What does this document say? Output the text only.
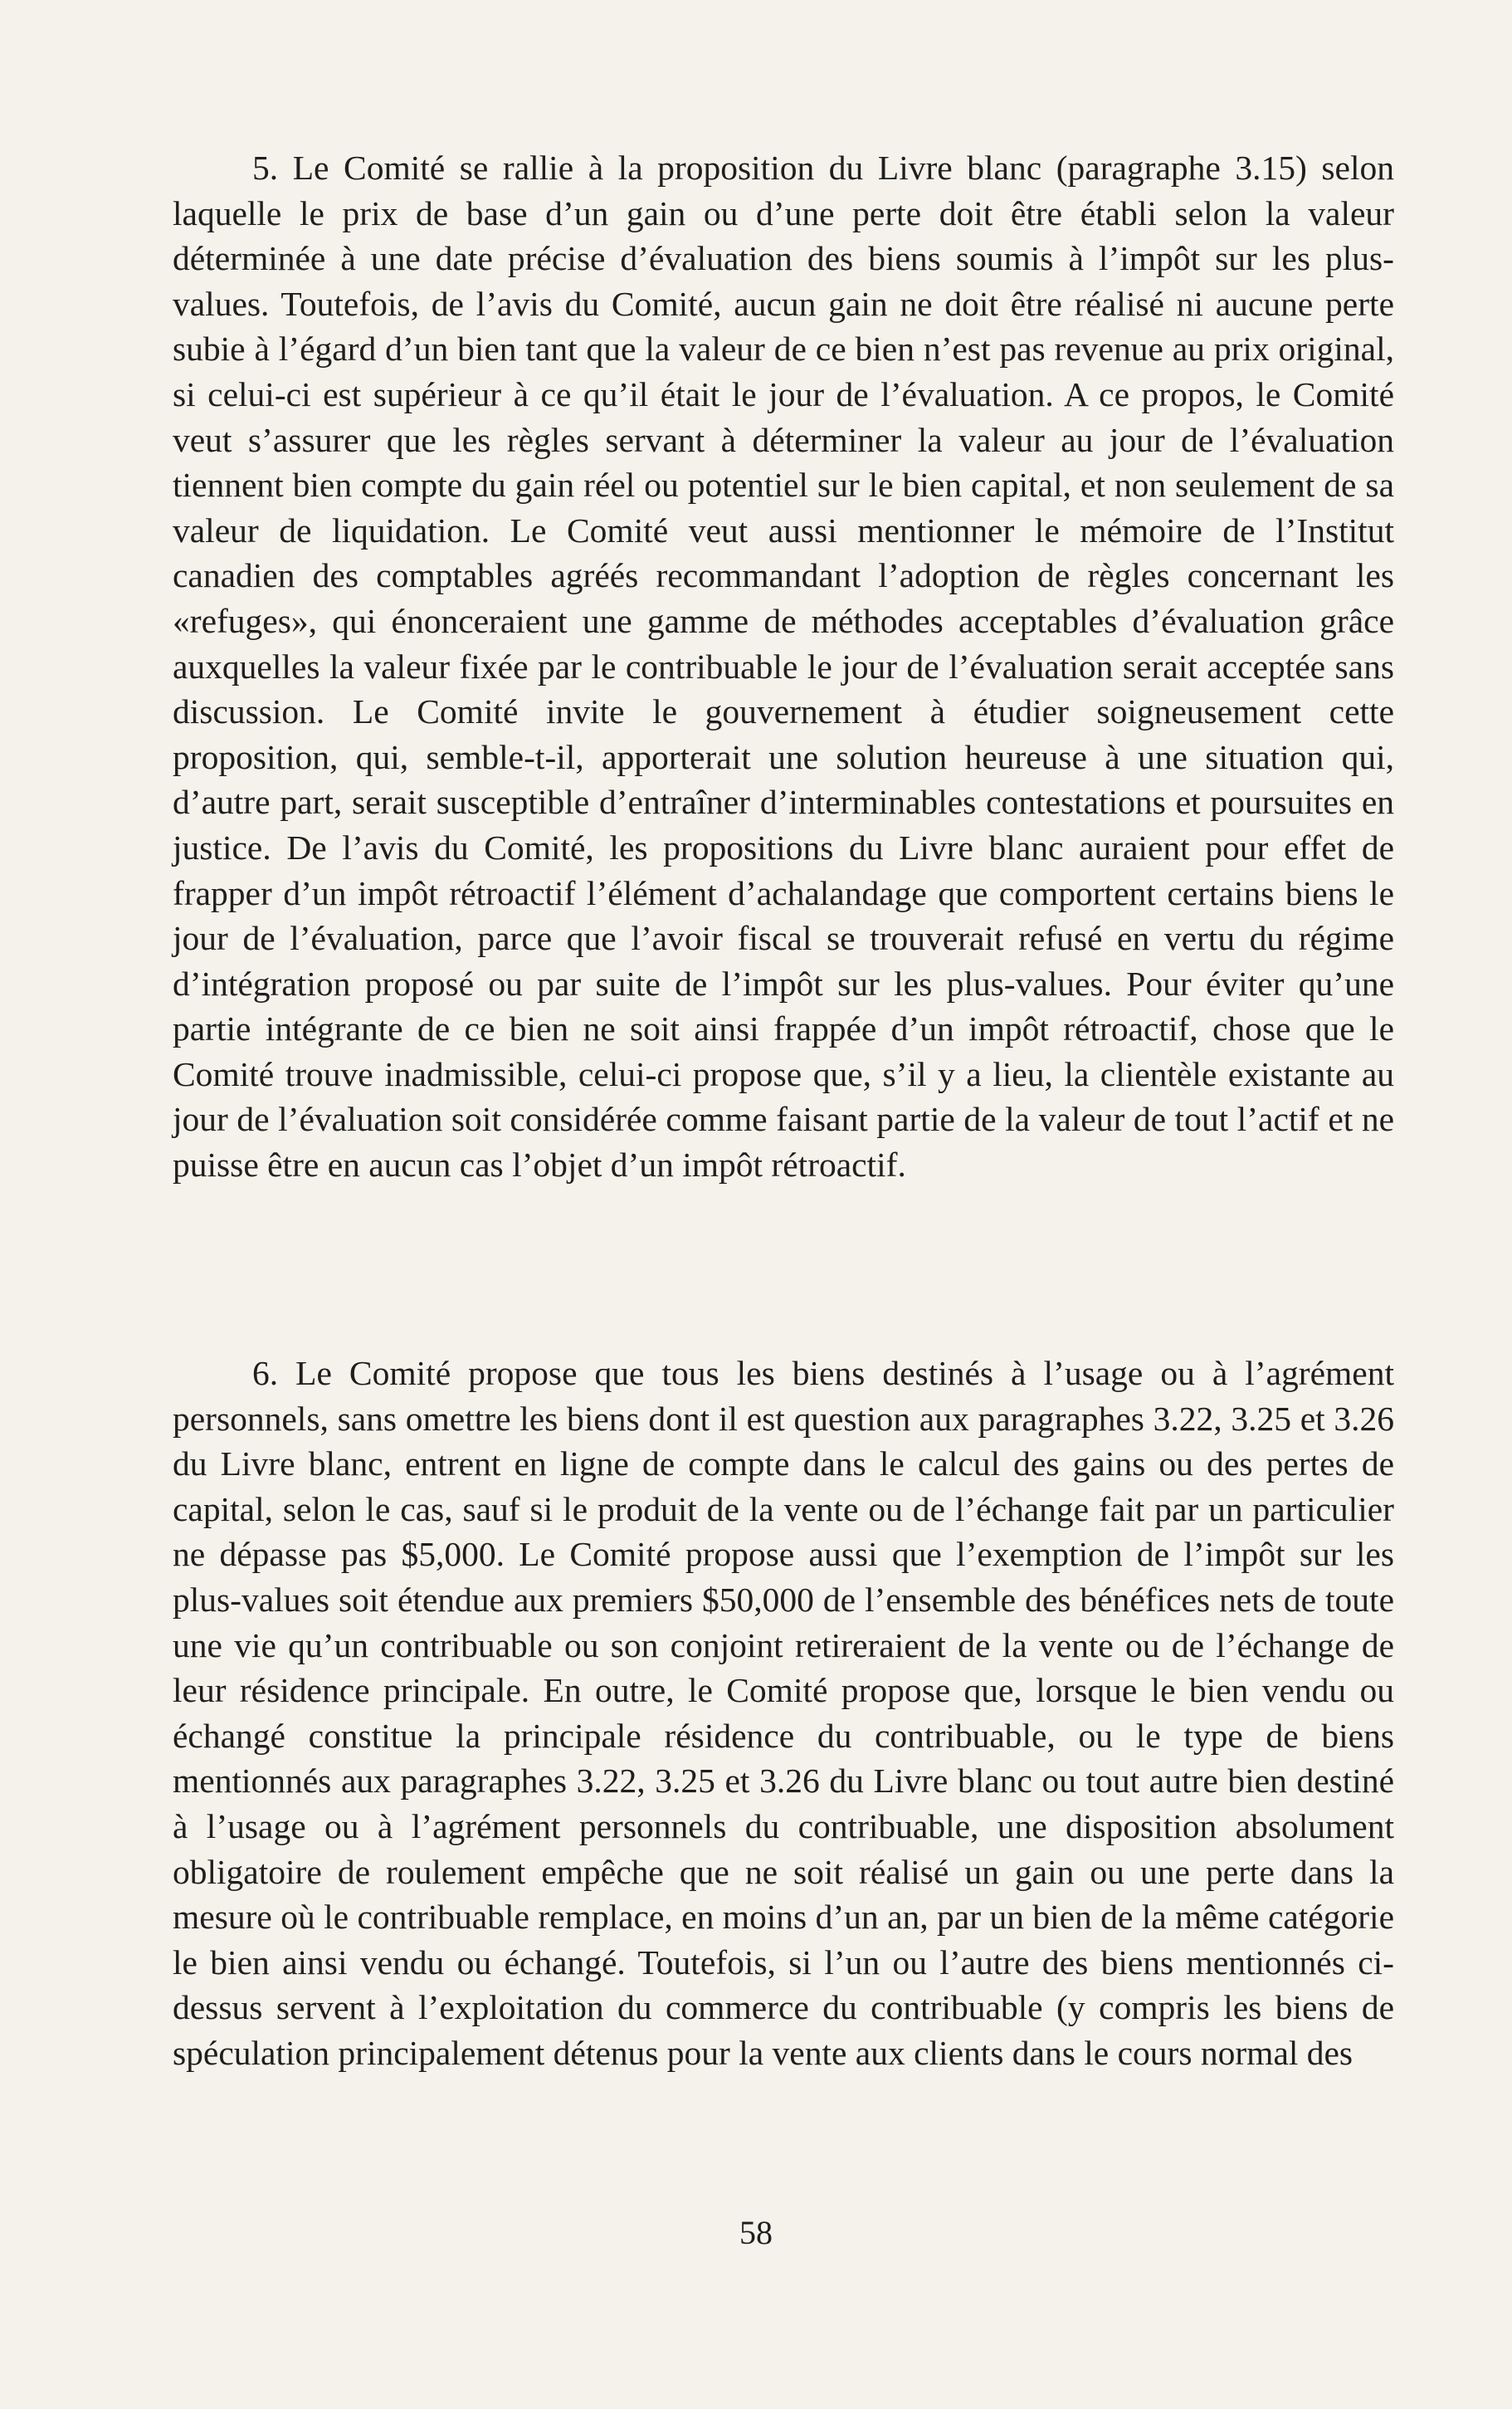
5. Le Comité se rallie à la proposition du Livre blanc (paragraphe 3.15) selon laquelle le prix de base d’un gain ou d’une perte doit être établi selon la valeur déterminée à une date précise d’évaluation des biens soumis à l’impôt sur les plus-values. Toutefois, de l’avis du Comité, aucun gain ne doit être réalisé ni aucune perte subie à l’égard d’un bien tant que la valeur de ce bien n’est pas revenue au prix original, si celui-ci est supérieur à ce qu’il était le jour de l’évaluation. A ce propos, le Comité veut s’assurer que les règles servant à déterminer la valeur au jour de l’évaluation tiennent bien compte du gain réel ou potentiel sur le bien capital, et non seulement de sa valeur de liquidation. Le Comité veut aussi mentionner le mémoire de l’Institut canadien des comptables agréés recommandant l’adoption de règles concernant les «refuges», qui énonceraient une gamme de méthodes acceptables d’évaluation grâce auxquelles la valeur fixée par le contribuable le jour de l’évaluation serait acceptée sans discussion. Le Comité invite le gouvernement à étudier soigneusement cette proposition, qui, semble-t-il, apporterait une solution heureuse à une situation qui, d’autre part, serait susceptible d’entraîner d’interminables contestations et poursuites en justice. De l’avis du Comité, les propositions du Livre blanc auraient pour effet de frapper d’un impôt rétroactif l’élément d’achalandage que comportent certains biens le jour de l’évaluation, parce que l’avoir fiscal se trouverait refusé en vertu du régime d’intégration proposé ou par suite de l’impôt sur les plus-values. Pour éviter qu’une partie intégrante de ce bien ne soit ainsi frappée d’un impôt rétroactif, chose que le Comité trouve inadmissible, celui-ci propose que, s’il y a lieu, la clientèle existante au jour de l’évaluation soit considérée comme faisant partie de la valeur de tout l’actif et ne puisse être en aucun cas l’objet d’un impôt rétroactif.

6. Le Comité propose que tous les biens destinés à l’usage ou à l’agrément personnels, sans omettre les biens dont il est question aux paragraphes 3.22, 3.25 et 3.26 du Livre blanc, entrent en ligne de compte dans le calcul des gains ou des pertes de capital, selon le cas, sauf si le produit de la vente ou de l’échange fait par un particulier ne dépasse pas $5,000. Le Comité propose aussi que l’exemption de l’impôt sur les plus-values soit étendue aux premiers $50,000 de l’ensemble des bénéfices nets de toute une vie qu’un contribuable ou son conjoint retireraient de la vente ou de l’échange de leur résidence principale. En outre, le Comité propose que, lorsque le bien vendu ou échangé constitue la principale résidence du contribuable, ou le type de biens mentionnés aux paragraphes 3.22, 3.25 et 3.26 du Livre blanc ou tout autre bien destiné à l’usage ou à l’agrément personnels du contribuable, une disposition absolument obligatoire de roulement empêche que ne soit réalisé un gain ou une perte dans la mesure où le contribuable remplace, en moins d’un an, par un bien de la même catégorie le bien ainsi vendu ou échangé. Toutefois, si l’un ou l’autre des biens mentionnés ci-dessus servent à l’exploitation du commerce du contribuable (y compris les biens de spéculation principalement détenus pour la vente aux clients dans le cours normal des

58
